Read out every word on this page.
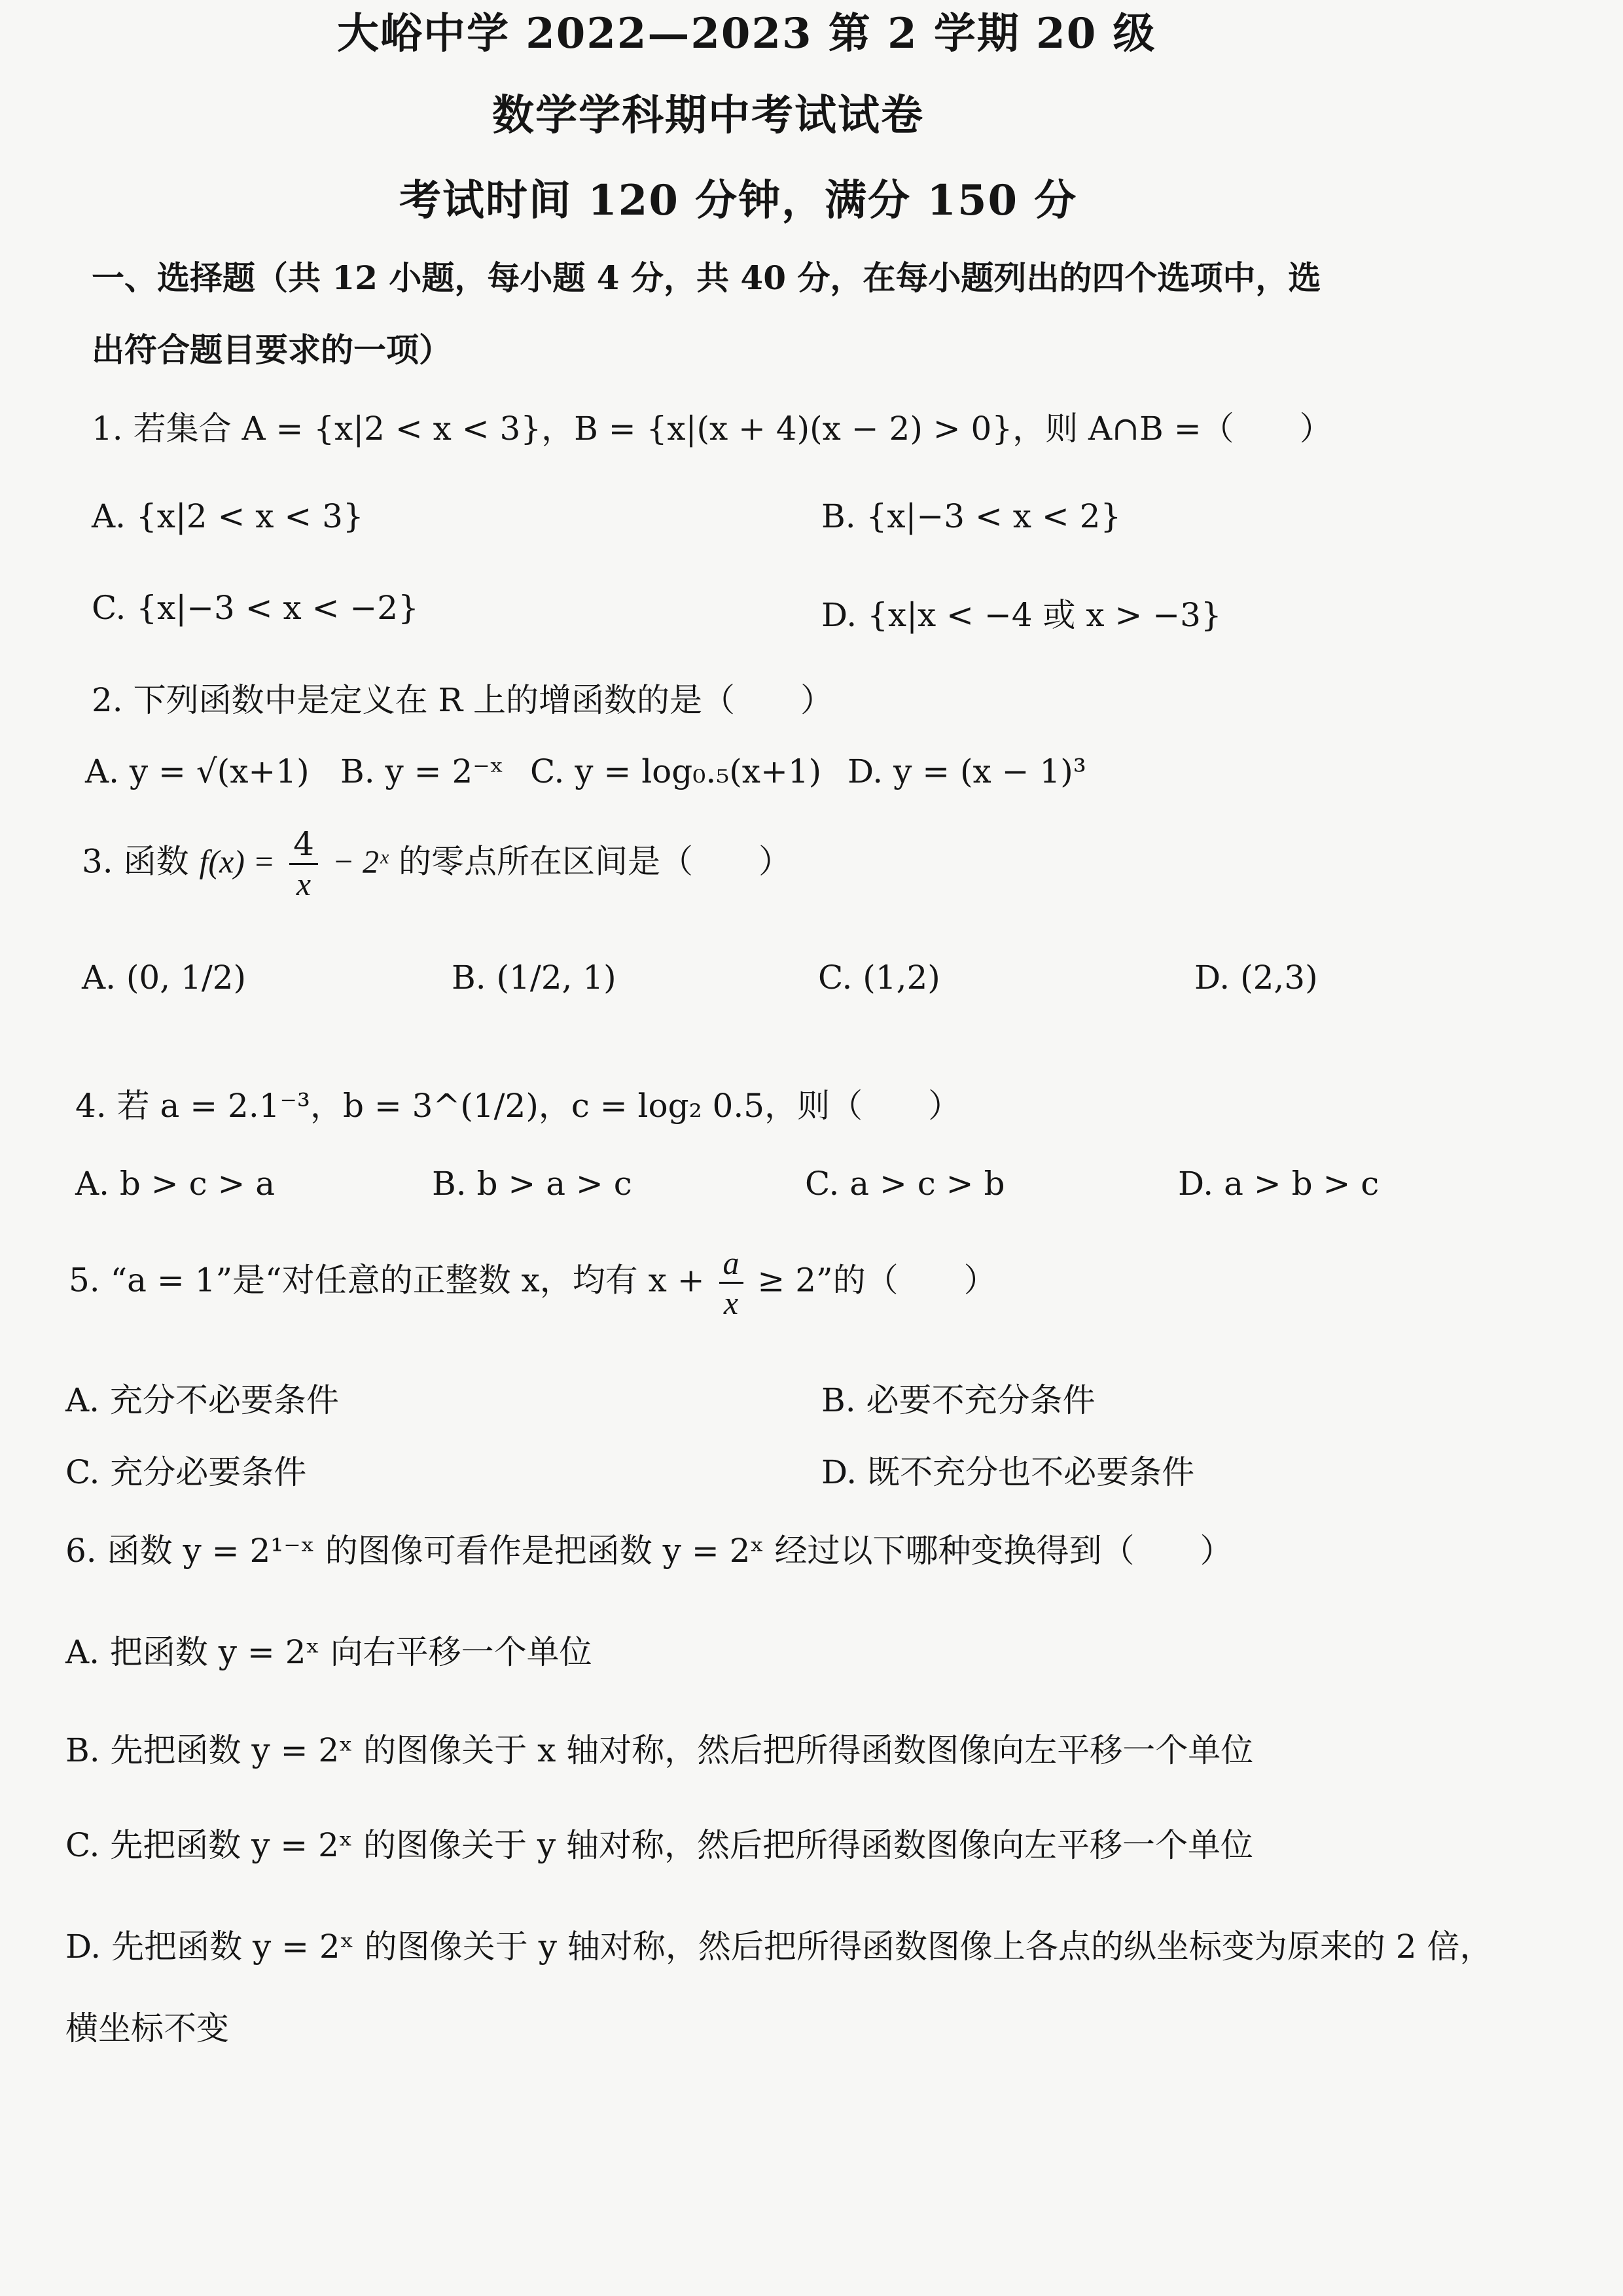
大峪中学 2022—2023 第 2 学期 20 级
数学学科期中考试试卷
考试时间 120 分钟，满分 150 分
一、选择题（共 12 小题，每小题 4 分，共 40 分，在每小题列出的四个选项中，选
出符合题目要求的一项）
1. 若集合 A = {x|2 < x < 3}，B = {x|(x + 4)(x − 2) > 0}，则 A∩B =（　　）
A. {x|2 < x < 3}	B. {x|−3 < x < 2}
C. {x|−3 < x < −2}	D. {x|x < −4 或 x > −3}
2. 下列函数中是定义在 R 上的增函数的是（　　）
A. y = √(x+1) B. y = 2⁻ˣ C. y = log₀.₅(x+1) D. y = (x − 1)³
3. 函数 $f(x) = \frac{4}{x}$ − 2ˣ 的零点所在区间是（　　）
A. (0, 1/2)	B. (1/2, 1)	C. (1,2)	D. (2,3)
4. 若 a = 2.1⁻³，b = 3^(1/2)，c = log₂ 0.5，则（　　）
A. b > c > a	B. b > a > c	C. a > c > b	D. a > b > c
5. “a = 1”是“对任意的正整数 x，均有 $x + \frac{a}{x} \ge 2$”的（　　）
A. 充分不必要条件	B. 必要不充分条件
C. 充分必要条件	D. 既不充分也不必要条件
6. 函数 y = 2¹⁻ˣ 的图像可看作是把函数 y = 2ˣ 经过以下哪种变换得到（　　）
A. 把函数 y = 2ˣ 向右平移一个单位
B. 先把函数 y = 2ˣ 的图像关于 x 轴对称，然后把所得函数图像向左平移一个单位
C. 先把函数 y = 2ˣ 的图像关于 y 轴对称，然后把所得函数图像向左平移一个单位
D. 先把函数 y = 2ˣ 的图像关于 y 轴对称，然后把所得函数图像上各点的纵坐标变为原来的 2 倍，
横坐标不变
